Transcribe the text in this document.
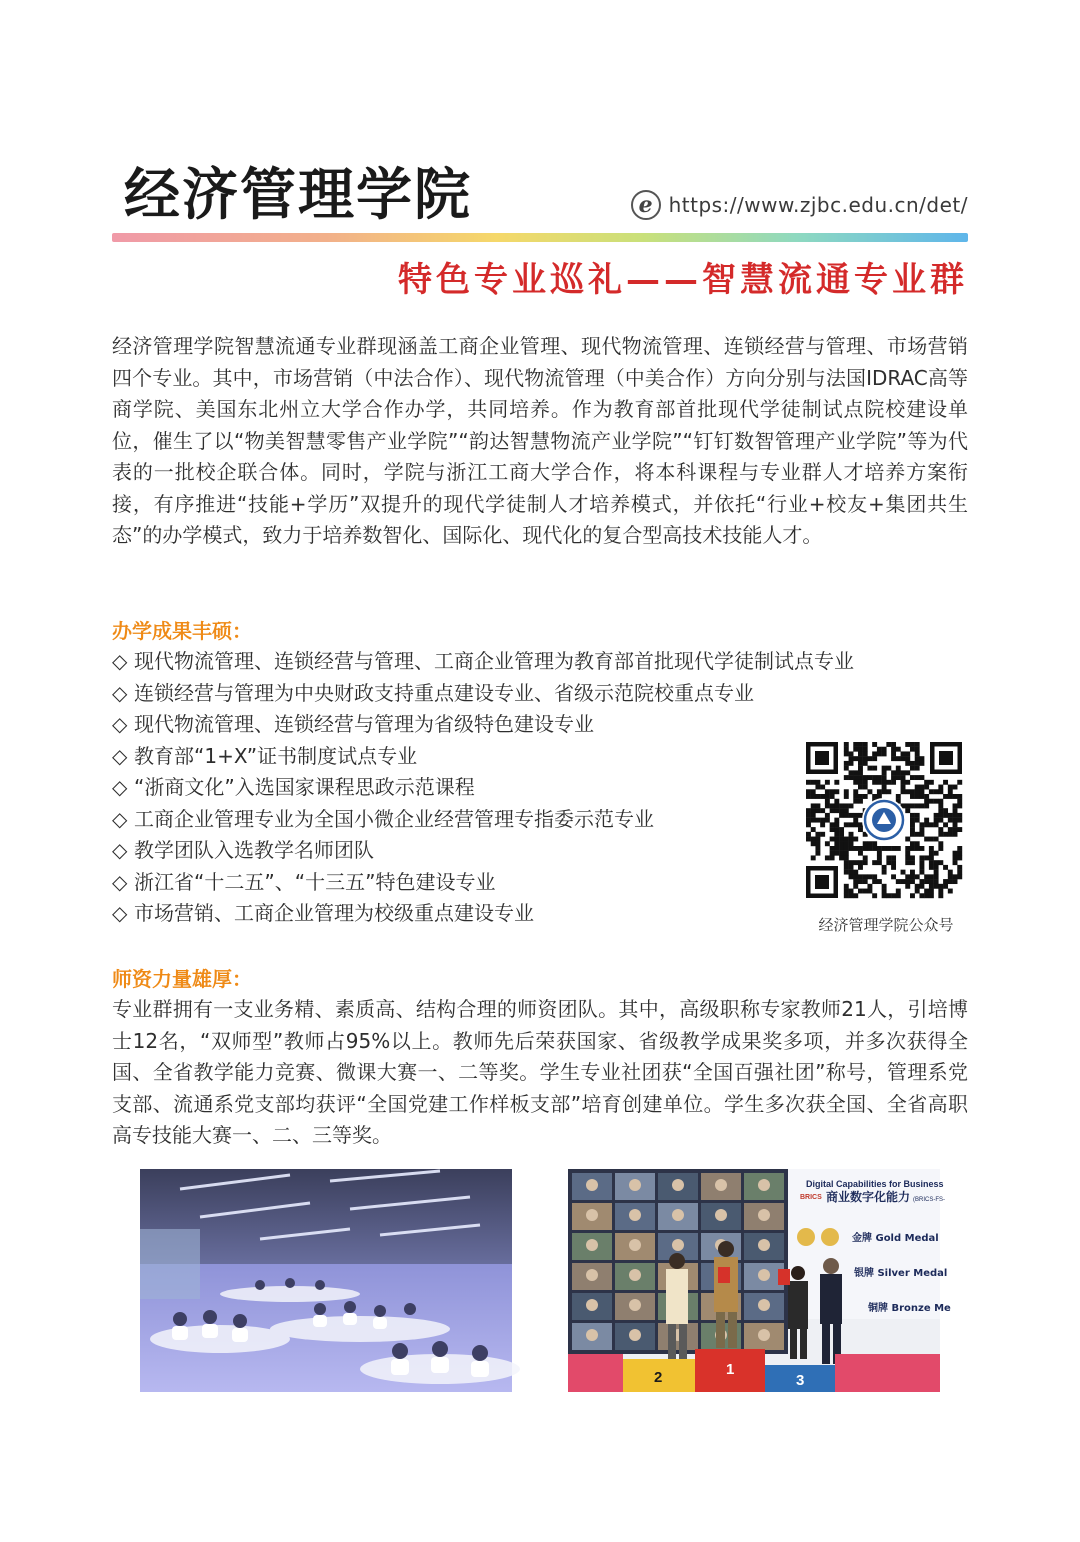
经济管理学院	e https://www.zjbc.edu.cn/det/
特色专业巡礼——智慧流通专业群

经济管理学院智慧流通专业群现涵盖工商企业管理、现代物流管理、连锁经营与管理、市场营销四个专业。其中，市场营销（中法合作）、现代物流管理（中美合作）方向分别与法国IDRAC高等商学院、美国东北州立大学合作办学，共同培养。作为教育部首批现代学徒制试点院校建设单位，催生了以“物美智慧零售产业学院”“韵达智慧物流产业学院”“钉钉数智管理产业学院”等为代表的一批校企联合体。同时，学院与浙江工商大学合作，将本科课程与专业群人才培养方案衔接，有序推进“技能+学历”双提升的现代学徒制人才培养模式，并依托“行业+校友+集团共生态”的办学模式，致力于培养数智化、国际化、现代化的复合型高技术技能人才。

办学成果丰硕：
◇ 现代物流管理、连锁经营与管理、工商企业管理为教育部首批现代学徒制试点专业
◇ 连锁经营与管理为中央财政支持重点建设专业、省级示范院校重点专业
◇ 现代物流管理、连锁经营与管理为省级特色建设专业
◇ 教育部“1+X”证书制度试点专业
◇ “浙商文化”入选国家课程思政示范课程
◇ 工商企业管理专业为全国小微企业经营管理专指委示范专业
◇ 教学团队入选教学名师团队
◇ 浙江省“十二五”、“十三五”特色建设专业
◇ 市场营销、工商企业管理为校级重点建设专业	经济管理学院公众号
师资力量雄厚：

专业群拥有一支业务精、素质高、结构合理的师资团队。其中，高级职称专家教师21人，引培博士12名，“双师型”教师占95%以上。教师先后荣获国家、省级教学成果奖多项，并多次获得全国、全省教学能力竞赛、微课大赛一、二等奖。学生专业社团获“全国百强社团”称号，管理系党支部、流通系党支部均获评“全国党建工作样板支部”培育创建单位。学生多次获全国、全省高职高专技能大赛一、二、三等奖。

Digital Capabilities for Business
BRICS 商业数字化能力 (BRICS-FS-
金牌 Gold Medal
银牌 Silver Medal
铜牌 Bronze Me
2	1
3
